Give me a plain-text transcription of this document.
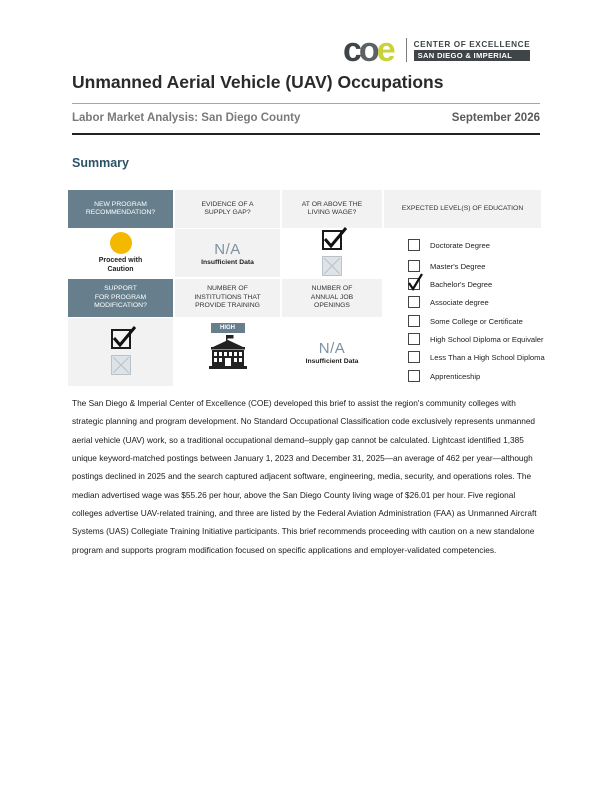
c o e CENTER OF EXCELLENCE
SAN DIEGO & IMPERIAL
Unmanned Aerial Vehicle (UAV) Occupations
Labor Market Analysis: San Diego County	September 2026
Summary
NEW PROGRAM
RECOMMENDATION?
EVIDENCE OF A
SUPPLY GAP?
AT OR ABOVE THE
LIVING WAGE?
EXPECTED LEVEL(S) OF EDUCATION
Proceed with
Caution
N/A
Insufficient Data
SUPPORT
FOR PROGRAM
MODIFICATION?
NUMBER OF
INSTITUTIONS THAT
PROVIDE TRAINING
NUMBER OF
ANNUAL JOB
OPENINGS
HIGH
N/A
Insufficient Data
Doctorate Degree
Master's Degree
Bachelor's Degree
Associate degree
Some College or Certificate
High School Diploma or Equivaler
Less Than a High School Diploma
Apprenticeship

The San Diego & Imperial Center of Excellence (COE) developed this brief to assist the region's community colleges with strategic planning and program development. No Standard Occupational Classification code exclusively represents unmanned aerial vehicle (UAV) work, so a traditional occupational demand–supply gap cannot be calculated. Lightcast identified 1,385 unique keyword-matched postings between January 1, 2023 and December 31, 2025—an average of 462 per year—although postings declined in 2025 and the search captured adjacent software, engineering, media, security, and operations roles. The median advertised wage was $55.26 per hour, above the San Diego County living wage of $26.01 per hour. Five regional colleges advertise UAV-related training, and three are listed by the Federal Aviation Administration (FAA) as Unmanned Aircraft Systems (UAS) Collegiate Training Initiative participants. This brief recommends proceeding with caution on a new standalone program and supports program modification focused on specific applications and employer-validated competencies.
